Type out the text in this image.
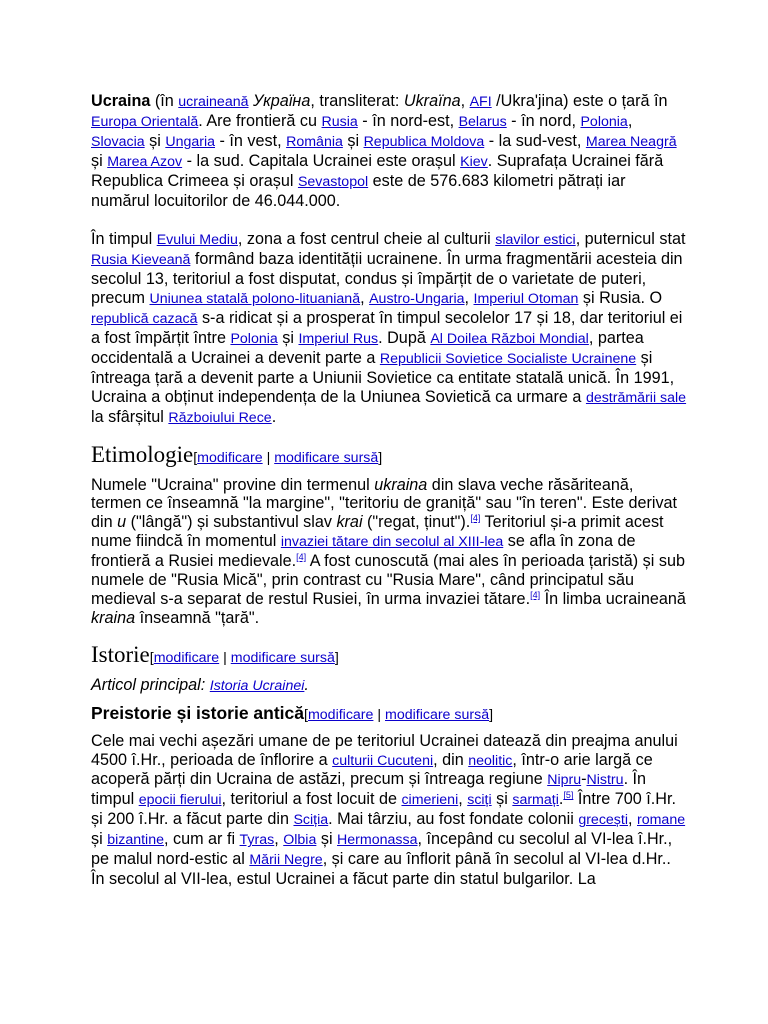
Ucraina (în ucraineană Україна, transliterat: Ukraïna, AFI /Ukra'jina) este o țară în Europa Orientală. Are frontieră cu Rusia - în nord-est, Belarus - în nord, Polonia, Slovacia și Ungaria - în vest, România și Republica Moldova - la sud-vest, Marea Neagră și Marea Azov - la sud. Capitala Ucrainei este orașul Kiev. Suprafața Ucrainei fără Republica Crimeea și orașul Sevastopol este de 576.683 kilometri pătrați iar numărul locuitorilor de 46.044.000.

În timpul Evului Mediu, zona a fost centrul cheie al culturii slavilor estici, puternicul stat Rusia Kieveană formând baza identității ucrainene. În urma fragmentării acesteia din secolul 13, teritoriul a fost disputat, condus și împărțit de o varietate de puteri, precum Uniunea statală polono-lituaniană, Austro-Ungaria, Imperiul Otoman și Rusia. O republică cazacă s-a ridicat și a prosperat în timpul secolelor 17 și 18, dar teritoriul ei a fost împărțit între Polonia și Imperiul Rus. După Al Doilea Război Mondial, partea occidentală a Ucrainei a devenit parte a Republicii Sovietice Socialiste Ucrainene și întreaga țară a devenit parte a Uniunii Sovietice ca entitate statală unică. În 1991, Ucraina a obținut independența de la Uniunea Sovietică ca urmare a destrămării sale la sfârșitul Războiului Rece.

Etimologie[modificare | modificare sursă]

Numele "Ucraina" provine din termenul ukraina din slava veche răsăriteană, termen ce înseamnă "la margine", "teritoriu de graniță" sau "în teren". Este derivat din u ("lângă") și substantivul slav krai ("regat, ținut").[4] Teritoriul și-a primit acest nume fiindcă în momentul invaziei tătare din secolul al XIII-lea se afla în zona de frontieră a Rusiei medievale.[4] A fost cunoscută (mai ales în perioada țaristă) și sub numele de "Rusia Mică", prin contrast cu "Rusia Mare", când principatul său medieval s-a separat de restul Rusiei, în urma invaziei tătare.[4] În limba ucraineană kraina înseamnă "țară".

Istorie[modificare | modificare sursă]

Articol principal: Istoria Ucrainei.

Preistorie și istorie antică[modificare | modificare sursă]

Cele mai vechi așezări umane de pe teritoriul Ucrainei datează din preajma anului 4500 î.Hr., perioada de înflorire a culturii Cucuteni, din neolitic, într-o arie largă ce acoperă părți din Ucraina de astăzi, precum și întreaga regiune Nipru-Nistru. În timpul epocii fierului, teritoriul a fost locuit de cimerieni, sciți și sarmați.[5] Între 700 î.Hr. și 200 î.Hr. a făcut parte din Sciția. Mai târziu, au fost fondate colonii grecești, romane și bizantine, cum ar fi Tyras, Olbia și Hermonassa, începând cu secolul al VI-lea î.Hr., pe malul nord-estic al Mării Negre, și care au înflorit până în secolul al VI-lea d.Hr.. În secolul al VII-lea, estul Ucrainei a făcut parte din statul bulgarilor. La
